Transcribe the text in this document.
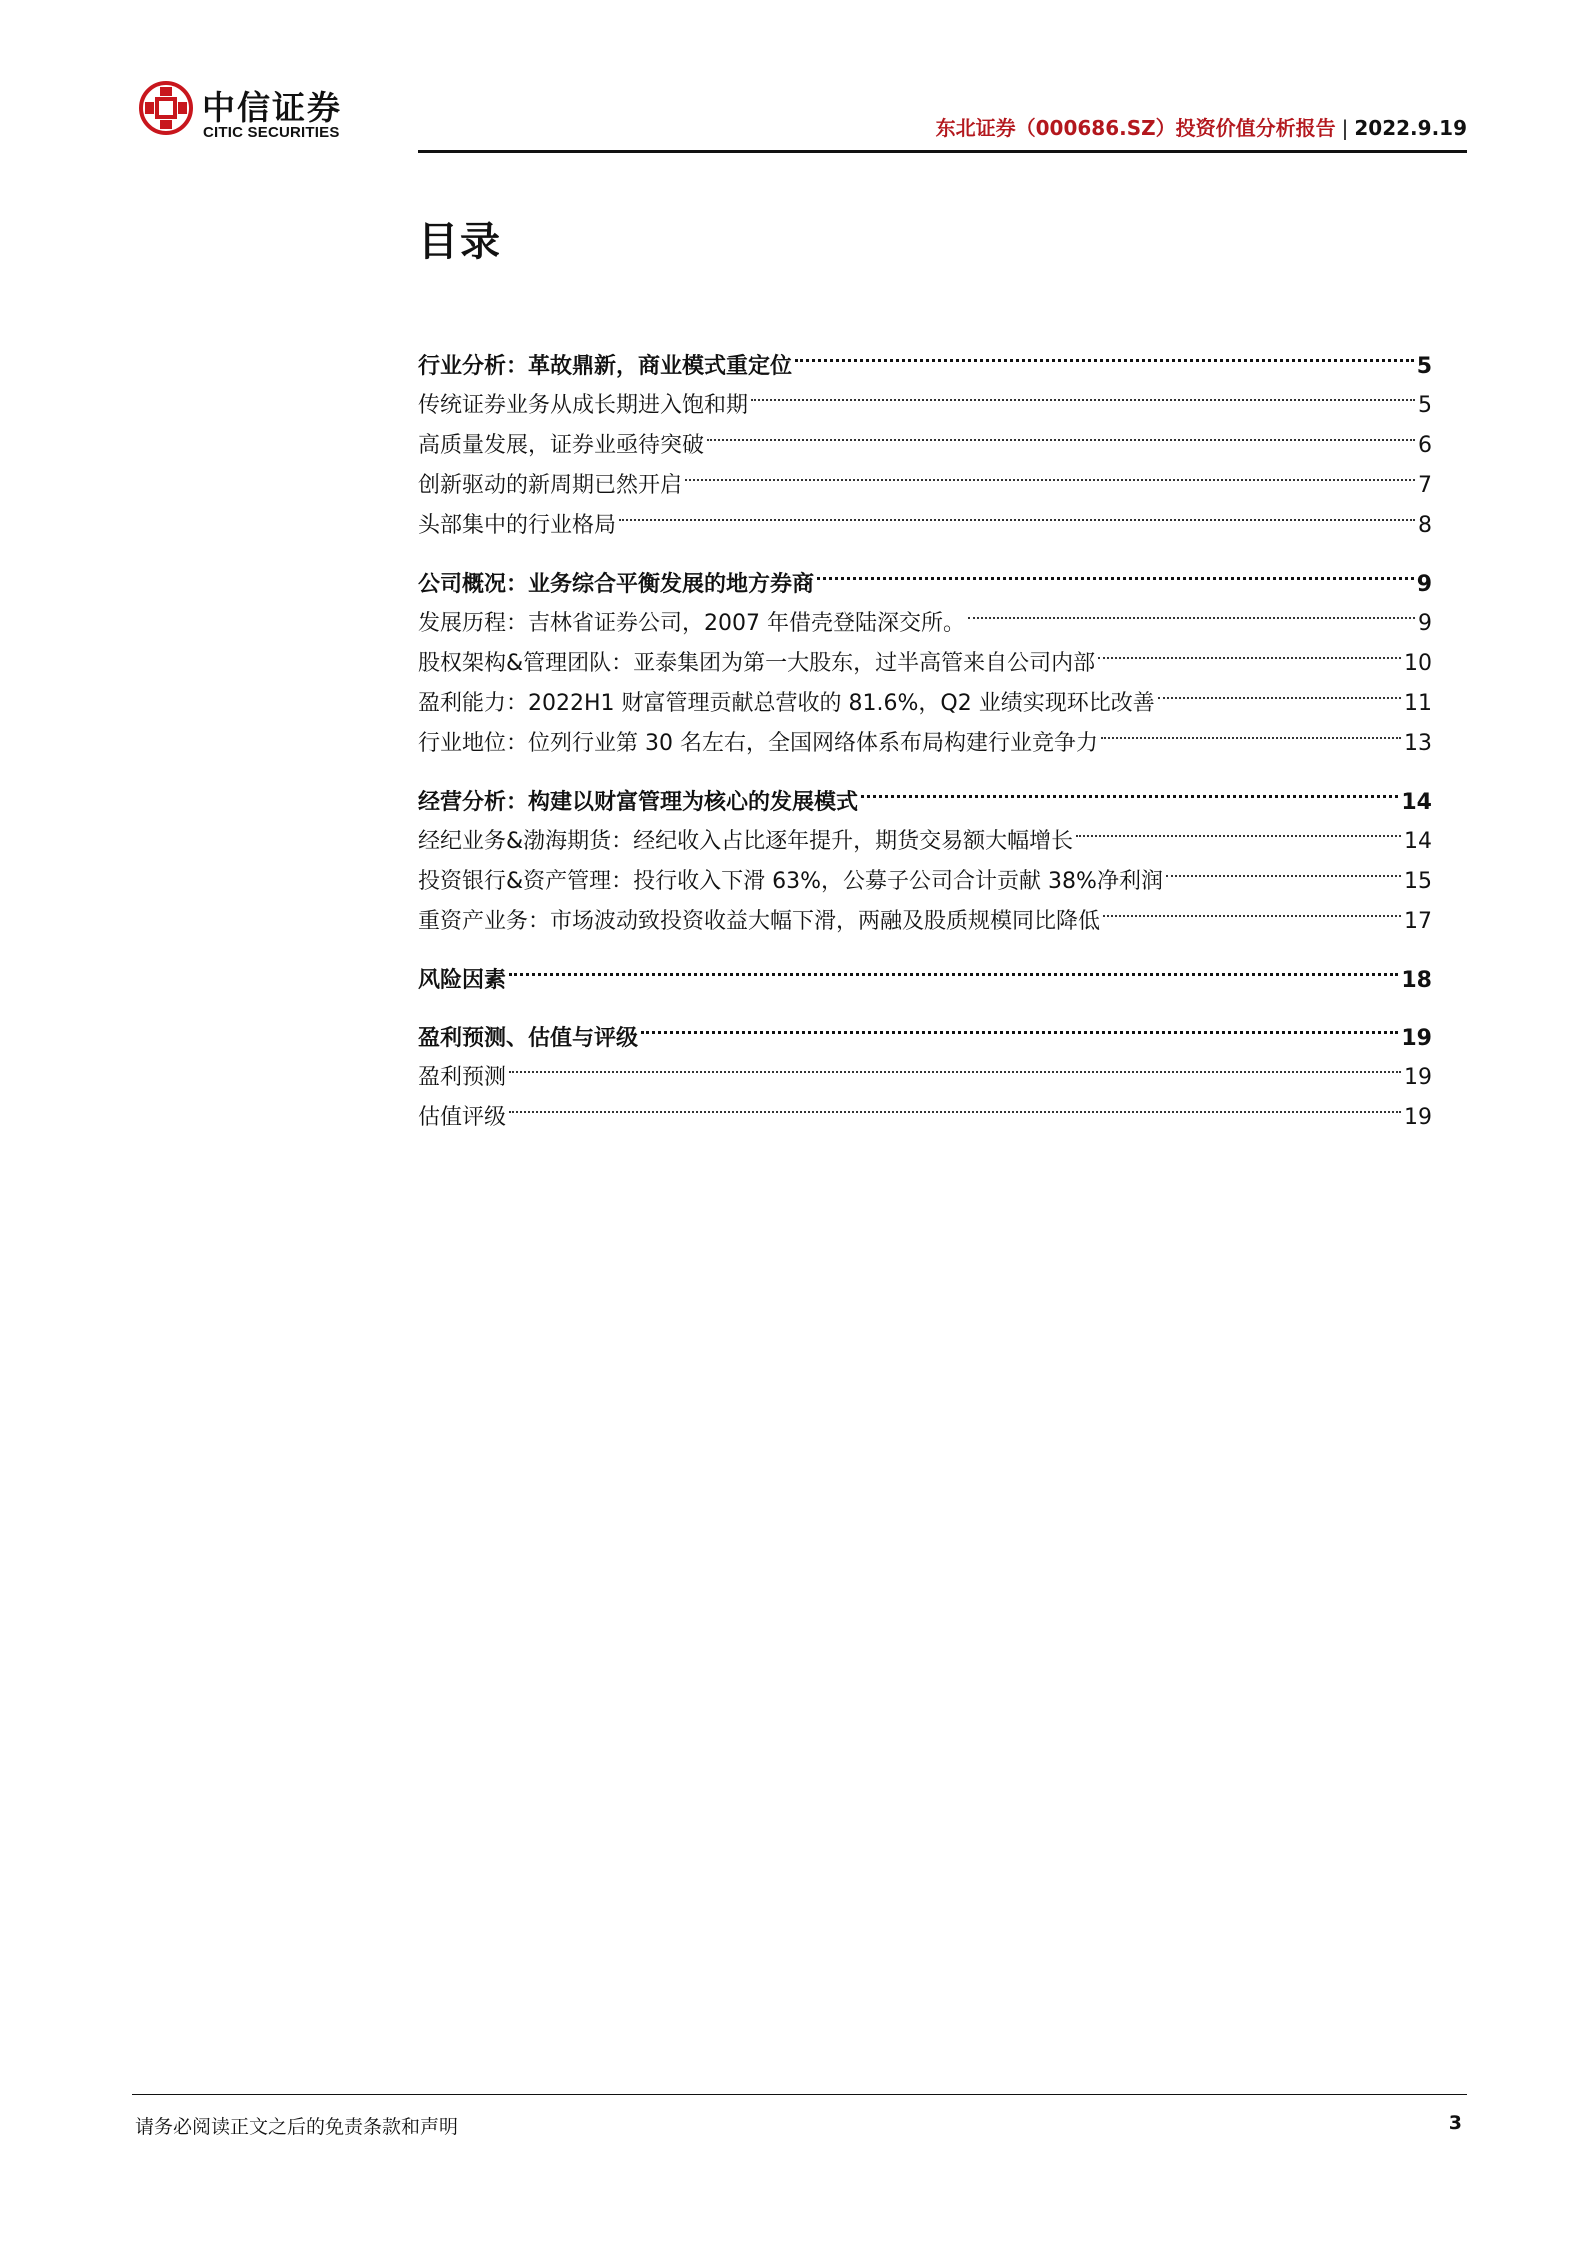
中信证券
CITIC SECURITIES	东北证券（000686.SZ）投资价值分析报告 | 2022.9.19
目录
行业分析：革故鼎新，商业模式重定位	5
传统证券业务从成长期进入饱和期	5
高质量发展，证券业亟待突破	6
创新驱动的新周期已然开启	7
头部集中的行业格局	8
公司概况：业务综合平衡发展的地方券商	9
发展历程：吉林省证券公司，2007 年借壳登陆深交所。	9
股权架构&管理团队：亚泰集团为第一大股东，过半高管来自公司内部	10
盈利能力：2022H1 财富管理贡献总营收的 81.6%，Q2 业绩实现环比改善	11
行业地位：位列行业第 30 名左右，全国网络体系布局构建行业竞争力	13
经营分析：构建以财富管理为核心的发展模式	14
经纪业务&渤海期货：经纪收入占比逐年提升，期货交易额大幅增长	14
投资银行&资产管理：投行收入下滑 63%，公募子公司合计贡献 38%净利润	15
重资产业务：市场波动致投资收益大幅下滑，两融及股质规模同比降低	17
风险因素	18
盈利预测、估值与评级	19
盈利预测	19
估值评级	19
请务必阅读正文之后的免责条款和声明	3
